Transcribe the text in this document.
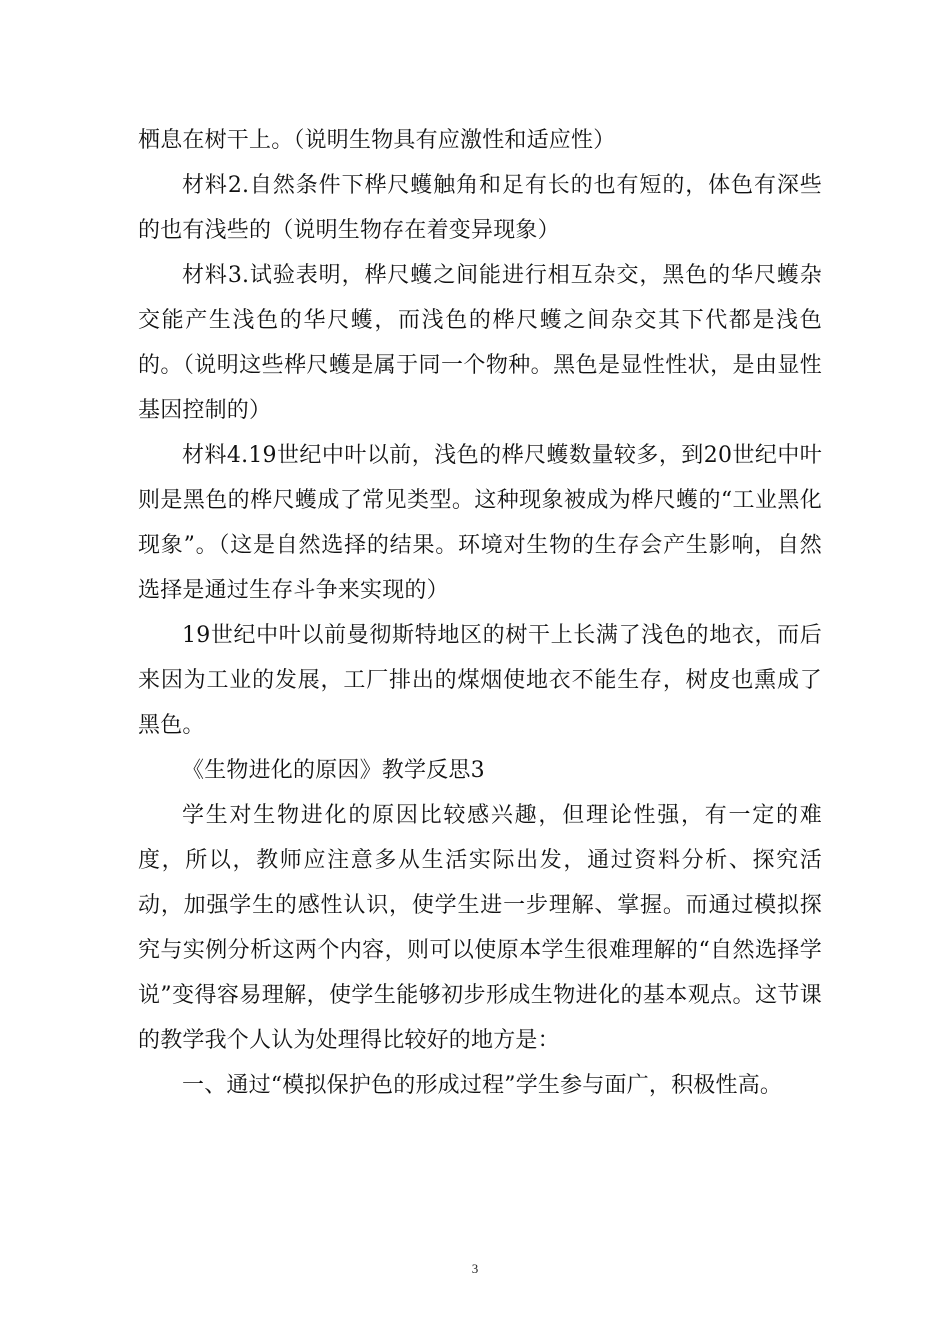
栖息在树干上。（说明生物具有应激性和适应性）

材料2.自然条件下桦尺蠖触角和足有长的也有短的，体色有深些的也有浅些的（说明生物存在着变异现象）

材料3.试验表明，桦尺蠖之间能进行相互杂交，黑色的华尺蠖杂交能产生浅色的华尺蠖，而浅色的桦尺蠖之间杂交其下代都是浅色的。（说明这些桦尺蠖是属于同一个物种。黑色是显性性状，是由显性基因控制的）

材料4.19世纪中叶以前，浅色的桦尺蠖数量较多，到20世纪中叶则是黑色的桦尺蠖成了常见类型。这种现象被成为桦尺蠖的“工业黑化现象”。（这是自然选择的结果。环境对生物的生存会产生影响，自然选择是通过生存斗争来实现的）

19世纪中叶以前曼彻斯特地区的树干上长满了浅色的地衣，而后来因为工业的发展，工厂排出的煤烟使地衣不能生存，树皮也熏成了黑色。

《生物进化的原因》教学反思3

学生对生物进化的原因比较感兴趣，但理论性强，有一定的难度，所以，教师应注意多从生活实际出发，通过资料分析、探究活动，加强学生的感性认识，使学生进一步理解、掌握。而通过模拟探究与实例分析这两个内容，则可以使原本学生很难理解的“自然选择学说”变得容易理解，使学生能够初步形成生物进化的基本观点。这节课的教学我个人认为处理得比较好的地方是：

一、通过“模拟保护色的形成过程”学生参与面广，积极性高。

3
